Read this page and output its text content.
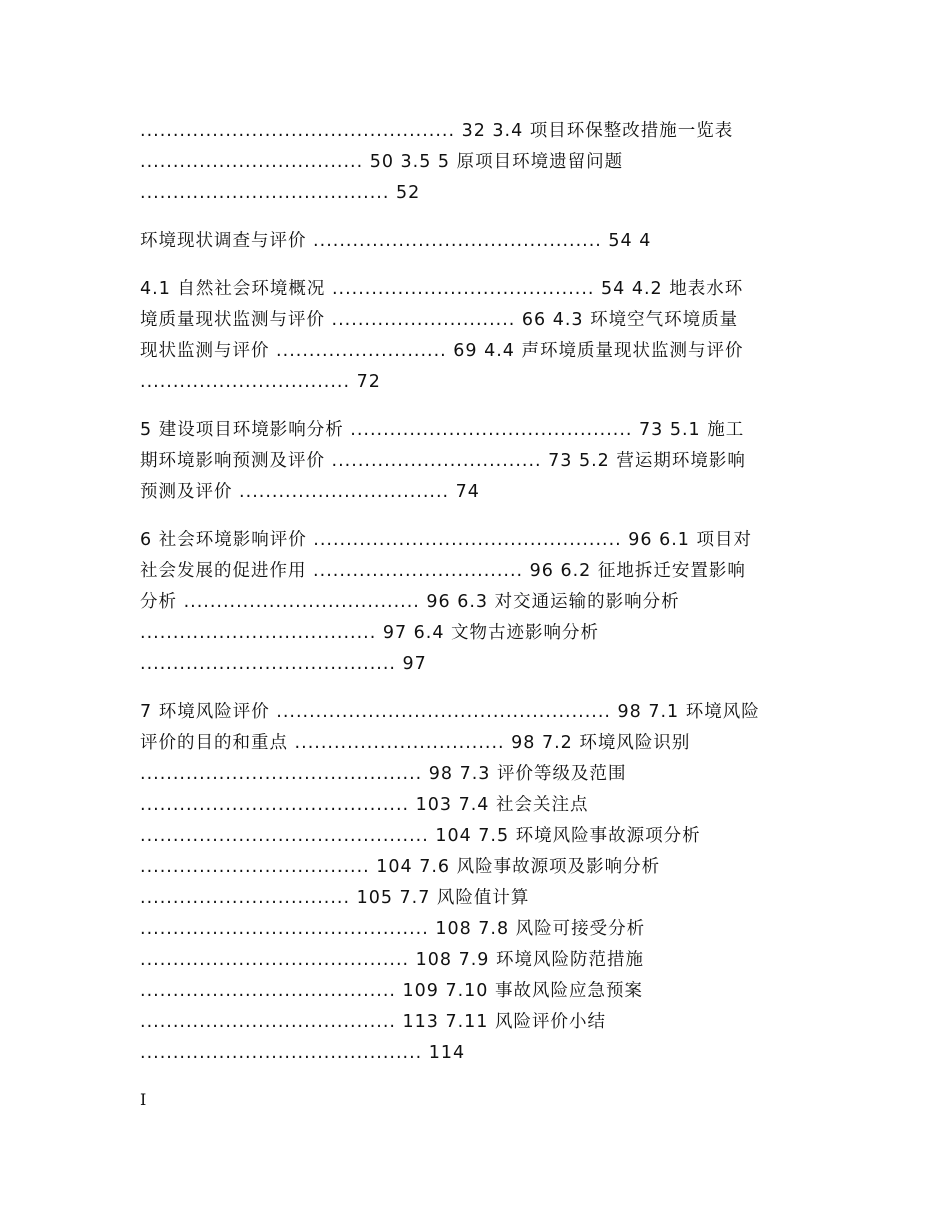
................................................ 32 3.4 项目环保整改措施一览表
.................................. 50 3.5 5 原项目环境遗留问题
...................................... 52
环境现状调查与评价 ............................................ 54 4
4.1 自然社会环境概况 ........................................ 54 4.2 地表水环
境质量现状监测与评价 ............................ 66 4.3 环境空气环境质量
现状监测与评价 .......................... 69 4.4 声环境质量现状监测与评价
................................ 72
5 建设项目环境影响分析 ........................................... 73 5.1 施工
期环境影响预测及评价 ................................ 73 5.2 营运期环境影响
预测及评价 ................................ 74
6 社会环境影响评价 ............................................... 96 6.1 项目对
社会发展的促进作用 ................................ 96 6.2 征地拆迁安置影响
分析 .................................... 96 6.3 对交通运输的影响分析
.................................... 97 6.4 文物古迹影响分析
....................................... 97
7 环境风险评价 ................................................... 98 7.1 环境风险
评价的目的和重点 ................................ 98 7.2 环境风险识别
........................................... 98 7.3 评价等级及范围
......................................... 103 7.4 社会关注点
............................................ 104 7.5 环境风险事故源项分析
................................... 104 7.6 风险事故源项及影响分析
................................ 105 7.7 风险值计算
............................................ 108 7.8 风险可接受分析
......................................... 108 7.9 环境风险防范措施
....................................... 109 7.10 事故风险应急预案
....................................... 113 7.11 风险评价小结
........................................... 114
I
